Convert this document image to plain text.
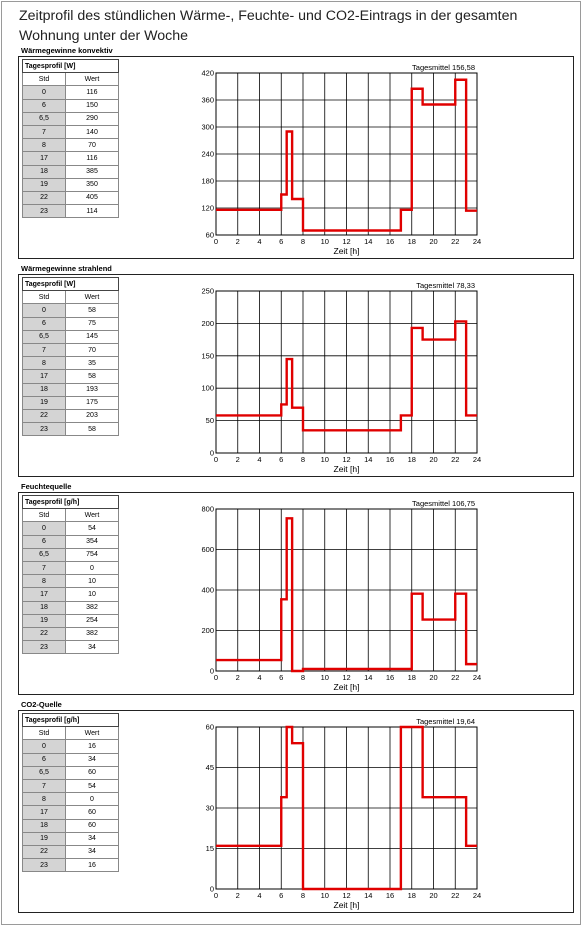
Zeitprofil des stündlichen Wärme-, Feuchte- und CO2-Eintrags in der gesamten Wohnung unter der Woche
Wärmegewinne konvektiv
Tagesprofil [W]	
Std	Wert
0	116
6	150
6,5	290
7	140
8	70
17	116
18	385
19	350
22	405
23	114
0 2 4 6 8 10 12 14 16 18 20 22 24
60
120
180
240
300
360
420
Tagesmittel 156,58
Zeit [h]
Wärmegewinne strahlend
Tagesprofil [W]	
Std	Wert
0	58
6	75
6,5	145
7	70
8	35
17	58
18	193
19	175
22	203
23	58
0 2 4 6 8 10 12 14 16 18 20 22 24
0
50
100
150
200
250
Tagesmittel 78,33
Zeit [h]
Feuchtequelle
Tagesprofil [g/h]	
Std	Wert
0	54
6	354
6,5	754
7	0
8	10
17	10
18	382
19	254
22	382
23	34
0 2 4 6 8 10 12 14 16 18 20 22 24
0
200
400
600
800
Tagesmittel 106,75
Zeit [h]
CO2-Quelle
Tagesprofil [g/h]	
Std	Wert
0	16
6	34
6,5	60
7	54
8	0
17	60
18	60
19	34
22	34
23	16
0 2 4 6 8 10 12 14 16 18 20 22 24
0
15
30
45
60
Tagesmittel 19,64
Zeit [h]
